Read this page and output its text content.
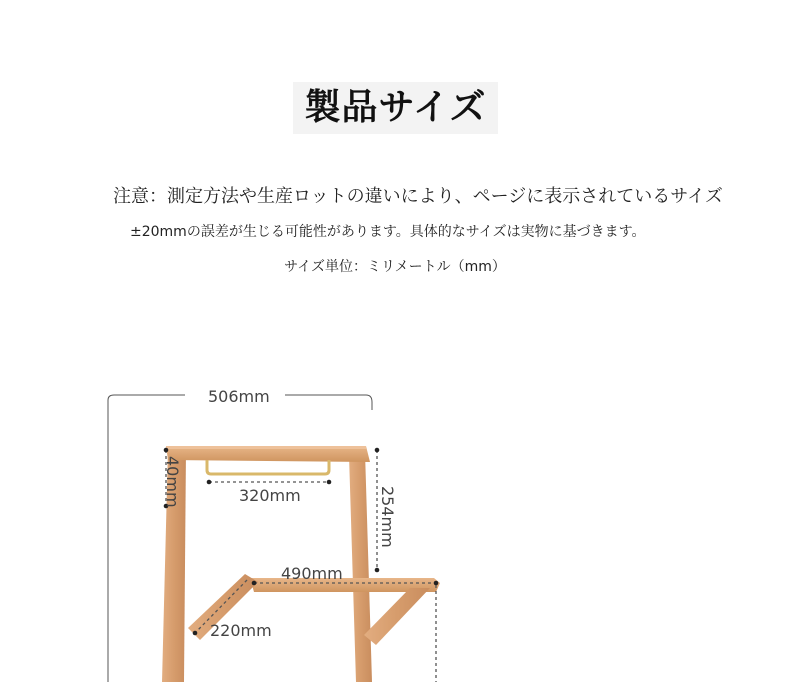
製品サイズ
注意：測定方法や生産ロットの違いにより、ページに表示されているサイズ
±20mmの誤差が生じる可能性があります。具体的なサイズは実物に基づきます。
サイズ単位：ミリメートル（mm）
506mm
40mm	320mm	254mm
490mm
220mm
